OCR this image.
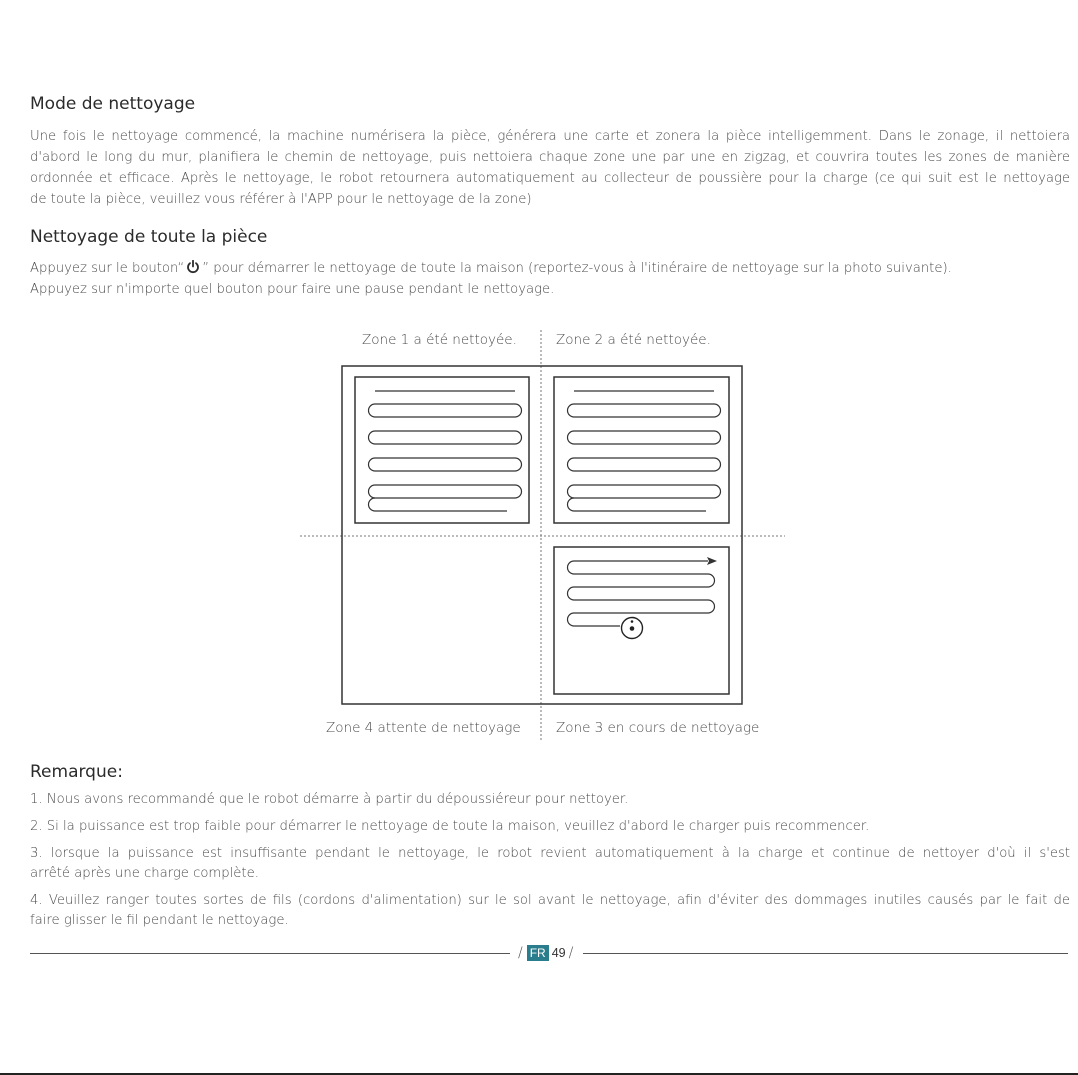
Mode de nettoyage
Une fois le nettoyage commencé, la machine numérisera la pièce, générera une carte et zonera la pièce intelligemment. Dans le zonage, il nettoiera
d'abord le long du mur, planifiera le chemin de nettoyage, puis nettoiera chaque zone une par une en zigzag, et couvrira toutes les zones de manière
ordonnée et efficace. Après le nettoyage, le robot retournera automatiquement au collecteur de poussière pour la charge (ce qui suit est le nettoyage
de toute la pièce, veuillez vous référer à l'APP pour le nettoyage de la zone)
Nettoyage de toute la pièce
Appuyez sur le bouton“ ” pour démarrer le nettoyage de toute la maison (reportez-vous à l'itinéraire de nettoyage sur la photo suivante).
Appuyez sur n'importe quel bouton pour faire une pause pendant le nettoyage.
Zone 1 a été nettoyée.	Zone 2 a été nettoyée.
Zone 4 attente de nettoyage	Zone 3 en cours de nettoyage
Remarque:
1. Nous avons recommandé que le robot démarre à partir du dépoussiéreur pour nettoyer.
2. Si la puissance est trop faible pour démarrer le nettoyage de toute la maison, veuillez d'abord le charger puis recommencer.
3. lorsque la puissance est insuffisante pendant le nettoyage, le robot revient automatiquement à la charge et continue de nettoyer d'où il s'est
arrêté après une charge complète.
4. Veuillez ranger toutes sortes de fils (cordons d'alimentation) sur le sol avant le nettoyage, afin d'éviter des dommages inutiles causés par le fait de
faire glisser le fil pendant le nettoyage.
/ FR 49 /
